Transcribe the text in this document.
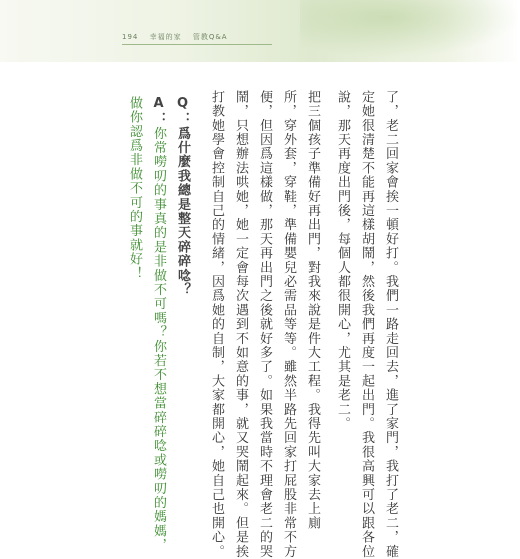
194 幸福的家 管教Q&A
了，老二回家會挨一頓好打。我們一路走回去，進了家門，我打了老二，確
定她很清楚不能再這樣胡鬧，然後我們再度一起出門。我很高興可以跟各位
說，那天再度出門後，每個人都很開心，尤其是老二。
把三個孩子準備好再出門，對我來說是件大工程。我得先叫大家去上廁
所，穿外套，穿鞋，準備嬰兒必需品等等。雖然半路先回家打屁股非常不方
便，但因爲這樣做，那天再出門之後就好多了。如果我當時不理會老二的哭
鬧，只想辦法哄她，她一定會每次遇到不如意的事，就又哭鬧起來。但是挨
打教她學會控制自己的情緒，因爲她的自制，大家都開心，她自己也開心。
Q：爲什麼我總是整天碎碎唸？
A：你常嘮叨的事真的是非做不可嗎？你若不想當碎碎唸或嘮叨的媽媽，
做你認爲非做不可的事就好！
